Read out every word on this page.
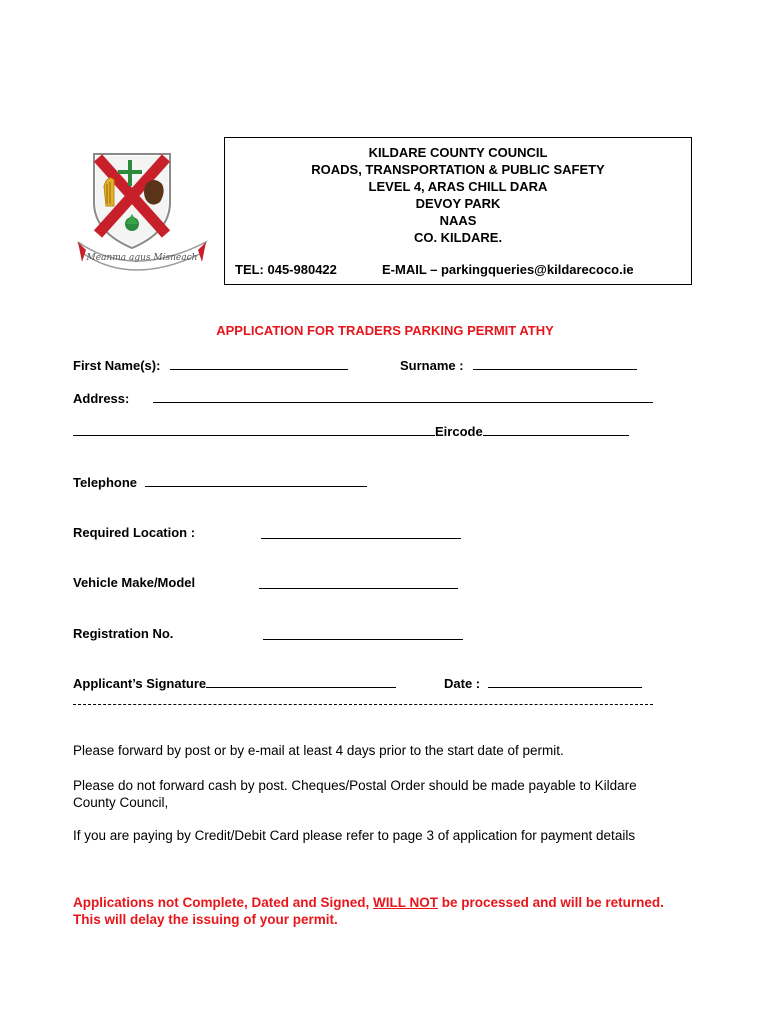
Meanma agus Misneach
KILDARE COUNTY COUNCIL
ROADS, TRANSPORTATION & PUBLIC SAFETY
LEVEL 4, ARAS CHILL DARA
DEVOY PARK
NAAS
CO. KILDARE.
TEL: 045-980422	E-MAIL – parkingqueries@kildarecoco.ie
APPLICATION FOR TRADERS PARKING PERMIT ATHY
First Name(s):	Surname :
Address:
Eircode
Telephone
Required Location :
Vehicle Make/Model
Registration No.
Applicant’s Signature	Date :
Please forward by post or by e-mail at least 4 days prior to the start date of permit.
Please do not forward cash by post. Cheques/Postal Order should be made payable to Kildare County Council,
If you are paying by Credit/Debit Card please refer to page 3 of application for payment details
Applications not Complete, Dated and Signed, WILL NOT be processed and will be returned. This will delay the issuing of your permit.
